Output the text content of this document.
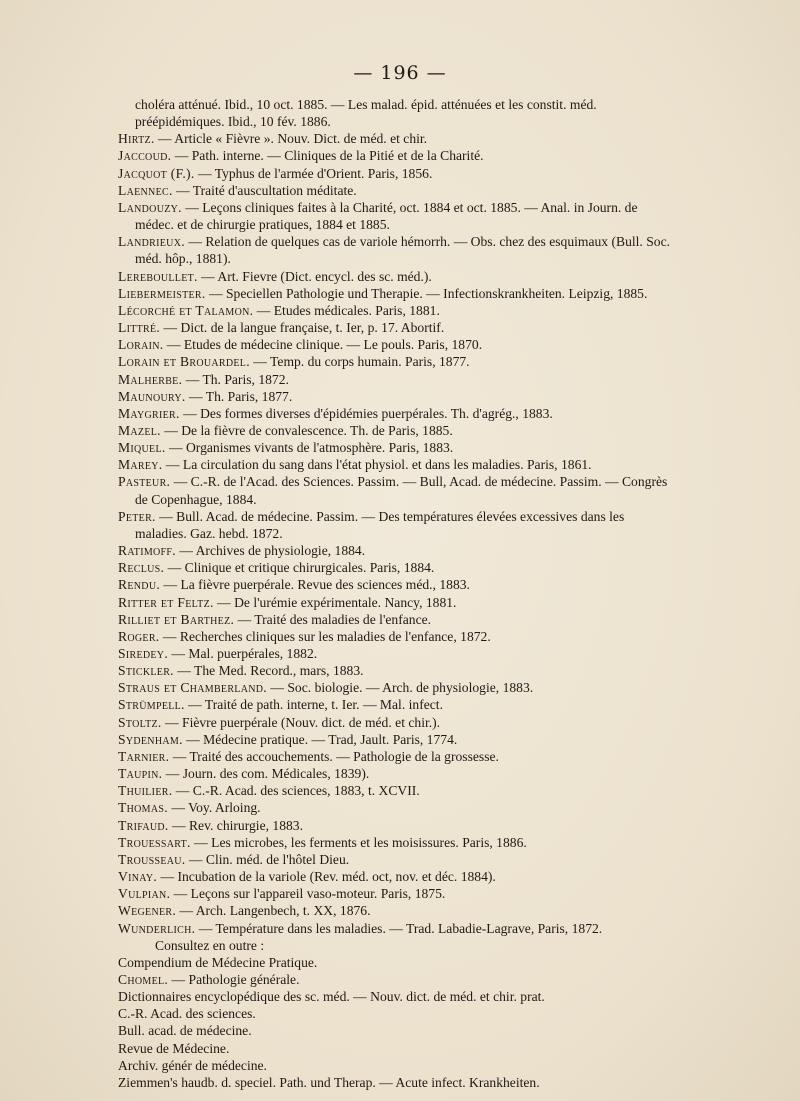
— 196 —
choléra atténué. Ibid., 10 oct. 1885. — Les malad. épid. atténuées et les constit. méd. préépidémiques. Ibid., 10 fév. 1886.
Hirtz. — Article « Fièvre ». Nouv. Dict. de méd. et chir.
Jaccoud. — Path. interne. — Cliniques de la Pitié et de la Charité.
Jacquot (F.). — Typhus de l'armée d'Orient. Paris, 1856.
Laennec. — Traité d'auscultation méditate.
Landouzy. — Leçons cliniques faites à la Charité, oct. 1884 et oct. 1885. — Anal. in Journ. de médec. et de chirurgie pratiques, 1884 et 1885.
Landrieux. — Relation de quelques cas de variole hémorrh. — Obs. chez des esquimaux (Bull. Soc. méd. hôp., 1881).
Lereboullet. — Art. Fievre (Dict. encycl. des sc. méd.).
Liebermeister. — Speciellen Pathologie und Therapie. — Infectionskrankheiten. Leipzig, 1885.
Lécorché et Talamon. — Etudes médicales. Paris, 1881.
Littré. — Dict. de la langue française, t. Ier, p. 17. Abortif.
Lorain. — Etudes de médecine clinique. — Le pouls. Paris, 1870.
Lorain et Brouardel. — Temp. du corps humain. Paris, 1877.
Malherbe. — Th. Paris, 1872.
Maunoury. — Th. Paris, 1877.
Maygrier. — Des formes diverses d'épidémies puerpérales. Th. d'agrég., 1883.
Mazel. — De la fièvre de convalescence. Th. de Paris, 1885.
Miquel. — Organismes vivants de l'atmosphère. Paris, 1883.
Marey. — La circulation du sang dans l'état physiol. et dans les maladies. Paris, 1861.
Pasteur. — C.-R. de l'Acad. des Sciences. Passim. — Bull, Acad. de médecine. Passim. — Congrès de Copenhague, 1884.
Peter. — Bull. Acad. de médecine. Passim. — Des températures élevées excessives dans les maladies. Gaz. hebd. 1872.
Ratimoff. — Archives de physiologie, 1884.
Reclus. — Clinique et critique chirurgicales. Paris, 1884.
Rendu. — La fièvre puerpérale. Revue des sciences méd., 1883.
Ritter et Feltz. — De l'urémie expérimentale. Nancy, 1881.
Rilliet et Barthez. — Traité des maladies de l'enfance.
Roger. — Recherches cliniques sur les maladies de l'enfance, 1872.
Siredey. — Mal. puerpérales, 1882.
Stickler. — The Med. Record., mars, 1883.
Straus et Chamberland. — Soc. biologie. — Arch. de physiologie, 1883.
Strümpell. — Traité de path. interne, t. Ier. — Mal. infect.
Stoltz. — Fièvre puerpérale (Nouv. dict. de méd. et chir.).
Sydenham. — Médecine pratique. — Trad, Jault. Paris, 1774.
Tarnier. — Traité des accouchements. — Pathologie de la grossesse.
Taupin. — Journ. des com. Médicales, 1839).
Thuilier. — C.-R. Acad. des sciences, 1883, t. XCVII.
Thomas. — Voy. Arloing.
Trifaud. — Rev. chirurgie, 1883.
Trouessart. — Les microbes, les ferments et les moisissures. Paris, 1886.
Trousseau. — Clin. méd. de l'hôtel Dieu.
Vinay. — Incubation de la variole (Rev. méd. oct, nov. et déc. 1884).
Vulpian. — Leçons sur l'appareil vaso-moteur. Paris, 1875.
Wegener. — Arch. Langenbech, t. XX, 1876.
Wunderlich. — Température dans les maladies. — Trad. Labadie-Lagrave, Paris, 1872.
Consultez en outre :
Compendium de Médecine Pratique.
Chomel. — Pathologie générale.
Dictionnaires encyclopédique des sc. méd. — Nouv. dict. de méd. et chir. prat.
C.-R. Acad. des sciences.
Bull. acad. de médecine.
Revue de Médecine.
Archiv. génér de médecine.
Ziemmen's haudb. d. speciel. Path. und Therap. — Acute infect. Krankheiten.
